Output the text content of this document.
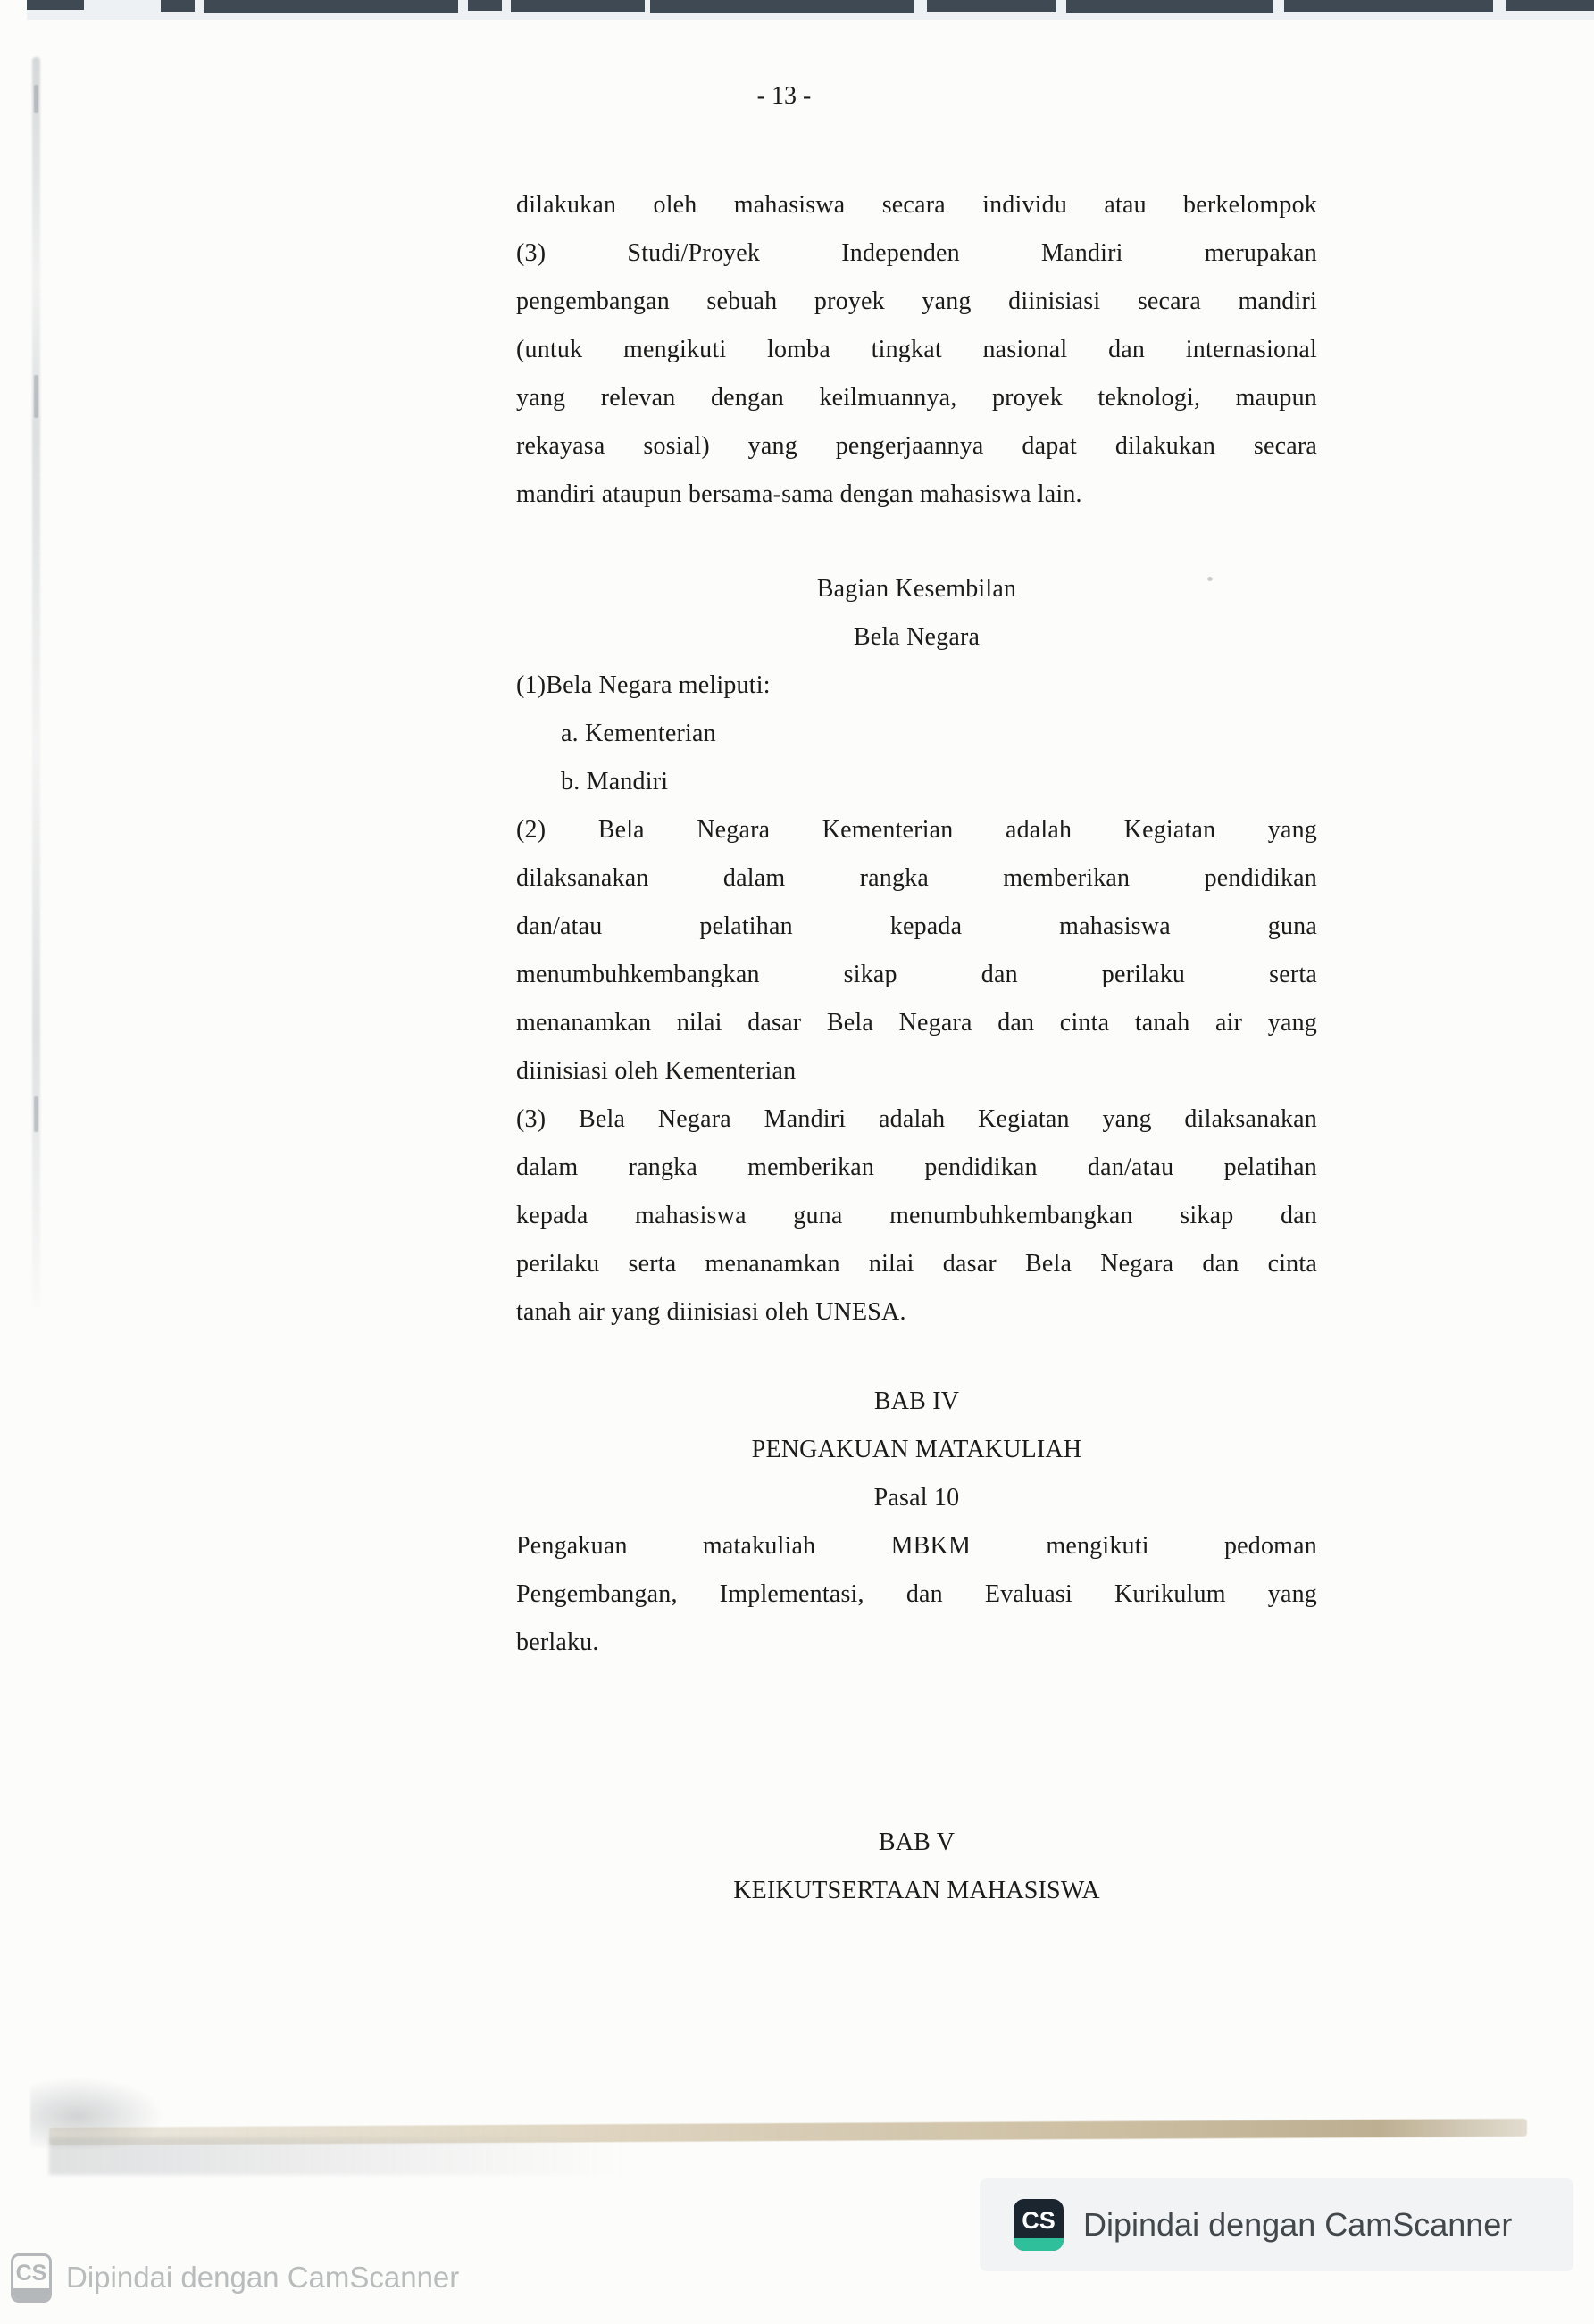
- 13 -
dilakukan oleh mahasiswa secara individu atau berkelompok
(3) Studi/Proyek Independen Mandiri merupakan
pengembangan sebuah proyek yang diinisiasi secara mandiri
(untuk mengikuti lomba tingkat nasional dan internasional
yang relevan dengan keilmuannya, proyek teknologi, maupun
rekayasa sosial) yang pengerjaannya dapat dilakukan secara
mandiri ataupun bersama-sama dengan mahasiswa lain.
Bagian Kesembilan
Bela Negara
(1)Bela Negara meliputi:
a. Kementerian
b. Mandiri
(2) Bela Negara Kementerian adalah Kegiatan yang
dilaksanakan dalam rangka memberikan pendidikan
dan/atau pelatihan kepada mahasiswa guna
menumbuhkembangkan sikap dan perilaku serta
menanamkan nilai dasar Bela Negara dan cinta tanah air yang
diinisiasi oleh Kementerian
(3) Bela Negara Mandiri adalah Kegiatan yang dilaksanakan
dalam rangka memberikan pendidikan dan/atau pelatihan
kepada mahasiswa guna menumbuhkembangkan sikap dan
perilaku serta menanamkan nilai dasar Bela Negara dan cinta
tanah air yang diinisiasi oleh UNESA.
BAB IV
PENGAKUAN MATAKULIAH
Pasal 10
Pengakuan matakuliah MBKM mengikuti pedoman
Pengembangan, Implementasi, dan Evaluasi Kurikulum yang
berlaku.
BAB V
KEIKUTSERTAAN MAHASISWA
CS Dipindai dengan CamScanner
CS Dipindai dengan CamScanner
